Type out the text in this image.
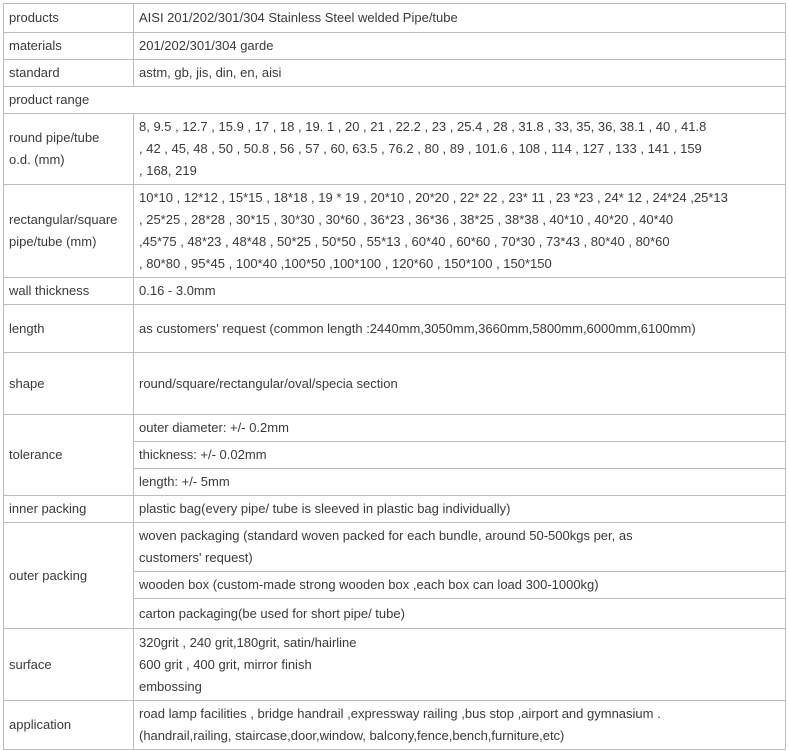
products	AISI 201/202/301/304 Stainless Steel welded Pipe/tube
materials	201/202/301/304 garde
standard	astm, gb, jis, din, en, aisi
product range	

round pipe/tube
o.d. (mm)	8, 9.5 , 12.7 , 15.9 , 17 , 18 , 19. 1 , 20 , 21 , 22.2 , 23 , 25.4 , 28 , 31.8 , 33, 35, 36, 38.1 , 40 , 41.8
, 42 , 45, 48 , 50 , 50.8 , 56 , 57 , 60, 63.5 , 76.2 , 80 , 89 , 101.6 , 108 , 114 , 127 , 133 , 141 , 159
, 168, 219

rectangular/square
pipe/tube (mm)	10*10 , 12*12 , 15*15 , 18*18 , 19 * 19 , 20*10 , 20*20 , 22* 22 , 23* 11 , 23 *23 , 24* 12 , 24*24 ,25*13
, 25*25 , 28*28 , 30*15 , 30*30 , 30*60 , 36*23 , 36*36 , 38*25 , 38*38 , 40*10 , 40*20 , 40*40
,45*75 , 48*23 , 48*48 , 50*25 , 50*50 , 55*13 , 60*40 , 60*60 , 70*30 , 73*43 , 80*40 , 80*60
, 80*80 , 95*45 , 100*40 ,100*50 ,100*100 , 120*60 , 150*100 , 150*150

wall thickness	0.16 - 3.0mm
length	as customers' request (common length :2440mm,3050mm,3660mm,5800mm,6000mm,6100mm)
shape	round/square/rectangular/oval/specia section
tolerance	outer diameter: +/- 0.2mm
	thickness: +/- 0.02mm
	length: +/- 5mm
inner packing	plastic bag(every pipe/ tube is sleeved in plastic bag individually)
outer packing	woven packaging (standard woven packed for each bundle, around 50-500kgs per, as
customers' request)

	wooden box (custom-made strong wooden box ,each box can load 300-1000kg)
	carton packaging(be used for short pipe/ tube)
surface	320grit , 240 grit,180grit, satin/hairline
600 grit , 400 grit, mirror finish
embossing

application	road lamp facilities , bridge handrail ,expressway railing ,bus stop ,airport and gymnasium .
(handrail,railing, staircase,door,window, balcony,fence,bench,furniture,etc)
